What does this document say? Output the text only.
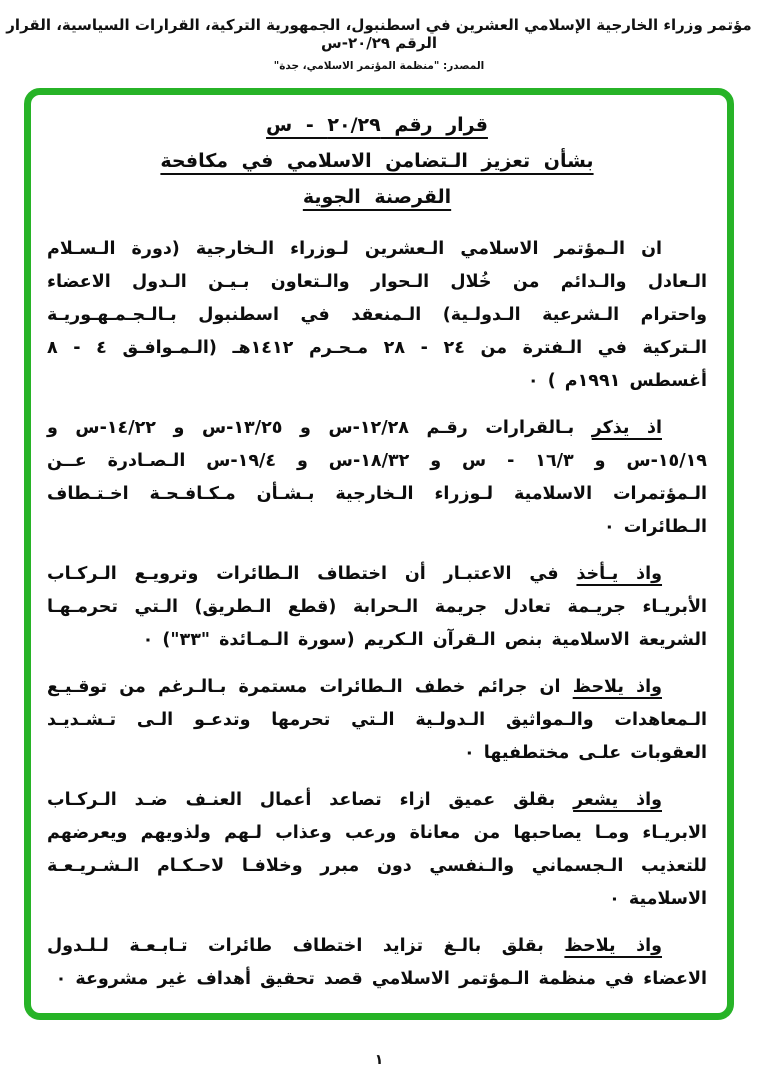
مؤتمر وزراء الخارجية الإسلامي العشرين في اسطنبول، الجمهورية التركية، القرارات السياسية، القرار الرقم ٢٠/٢٩-س
المصدر: "منظمة المؤتمر الاسلامي، جدة"
قرار رقم ٢٠/٢٩ - س
بشأن تعزيز الـتضامن الاسلامي في مكافحة
القرصنة الجوية
ان الـمؤتمر الاسلامي الـعشرين لـوزراء الـخارجية (دورة الـسـلام
الـعادل والـدائم من خُلال الـحوار والـتعاون بـيـن الـدول الاعضاء
واحترام الـشرعية الـدولـية) الـمنعقد في اسطنبول بـالـجـمـهـوريـة
الـتركية في الـفترة من ٢٤ - ٢٨ مـحـرم ١٤١٢هـ (الـمـوافـق ٤ - ٨
أغسطس ١٩٩١م ) ٠
اذ يذكر بـالقرارات رقـم ١٢/٢٨-س و ١٣/٢٥-س و ١٤/٢٢-س و
١٥/١٩-س و ١٦/٣ - س و ١٨/٣٢-س و ١٩/٤-س الـصـادرة عــن
الـمؤتمرات الاسلامية لـوزراء الـخارجية بـشـأن مـكـافـحـة اخـتـطاف
الـطائرات ٠
واذ يـأخذ في الاعتبـار أن اختطاف الـطائرات وترويـع الـركـاب
الأبريـاء جريـمة تعادل جريمة الـحرابة (قطع الـطريق) الـتي تحرمـهـا
الشريعة الاسلامية بنص الـقرآن الـكريم (سورة الـمـائدة "٣٣") ٠
واذ يلاحظ ان جرائم خطف الـطائرات مستمرة بـالـرغم من توقـيـع
الـمعاهدات والـمواثيق الـدولـية الـتي تحرمها وتدعـو الـى تـشـديـد
العقوبات علـى مختطفيها ٠
واذ يشعر بقلق عميق ازاء تصاعد أعمال العنـف ضـد الـركـاب
الابريـاء ومـا يصاحبها من معاناة ورعب وعذاب لـهم ولذويهم ويعرضهم
للتعذيب الـجسماني والـنفسي دون مبرر وخلافـا لاحـكـام الـشـريـعـة
الاسلامية ٠
واذ يلاحظ بقلق بالـغ تزايد اختطاف طائرات تـابـعـة لـلـدول
الاعضاء في منظمة الـمؤتمر الاسلامي قصد تحقيق أهداف غير مشروعة ٠
١
